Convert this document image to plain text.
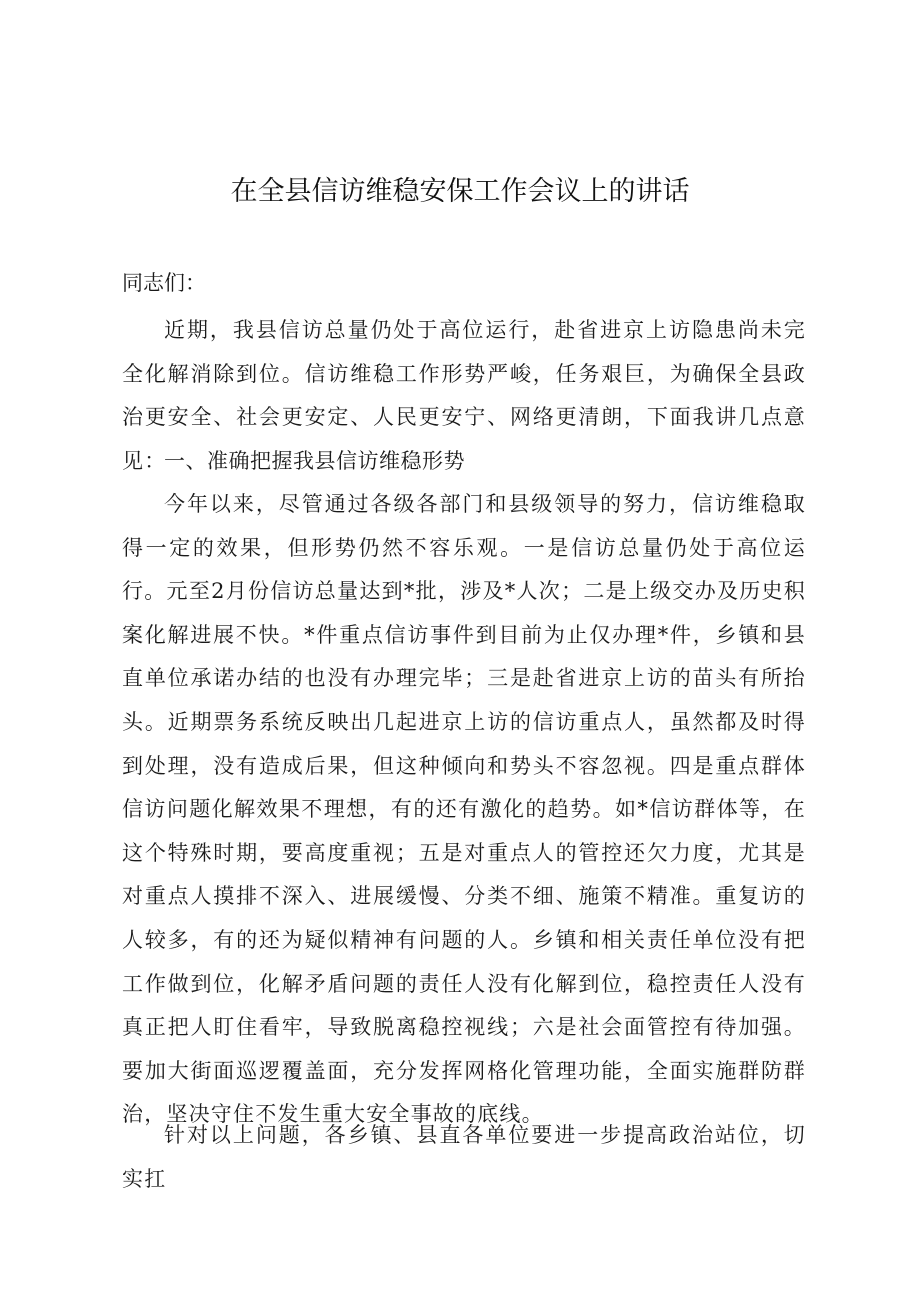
在全县信访维稳安保工作会议上的讲话
同志们：

近期，我县信访总量仍处于高位运行，赴省进京上访隐患尚未完全化解消除到位。信访维稳工作形势严峻，任务艰巨，为确保全县政治更安全、社会更安定、人民更安宁、网络更清朗，下面我讲几点意见：

一、准确把握我县信访维稳形势

今年以来，尽管通过各级各部门和县级领导的努力，信访维稳取得一定的效果，但形势仍然不容乐观。一是信访总量仍处于高位运行。元至2月份信访总量达到*批，涉及*人次；二是上级交办及历史积案化解进展不快。*件重点信访事件到目前为止仅办理*件，乡镇和县直单位承诺办结的也没有办理完毕；三是赴省进京上访的苗头有所抬头。近期票务系统反映出几起进京上访的信访重点人，虽然都及时得到处理，没有造成后果，但这种倾向和势头不容忽视。四是重点群体信访问题化解效果不理想，有的还有激化的趋势。如*信访群体等，在这个特殊时期，要高度重视；五是对重点人的管控还欠力度，尤其是对重点人摸排不深入、进展缓慢、分类不细、施策不精准。重复访的人较多，有的还为疑似精神有问题的人。乡镇和相关责任单位没有把工作做到位，化解矛盾问题的责任人没有化解到位，稳控责任人没有真正把人盯住看牢，导致脱离稳控视线；六是社会面管控有待加强。要加大街面巡逻覆盖面，充分发挥网格化管理功能，全面实施群防群治，坚决守住不发生重大安全事故的底线。

针对以上问题，各乡镇、县直各单位要进一步提高政治站位，切实扛
